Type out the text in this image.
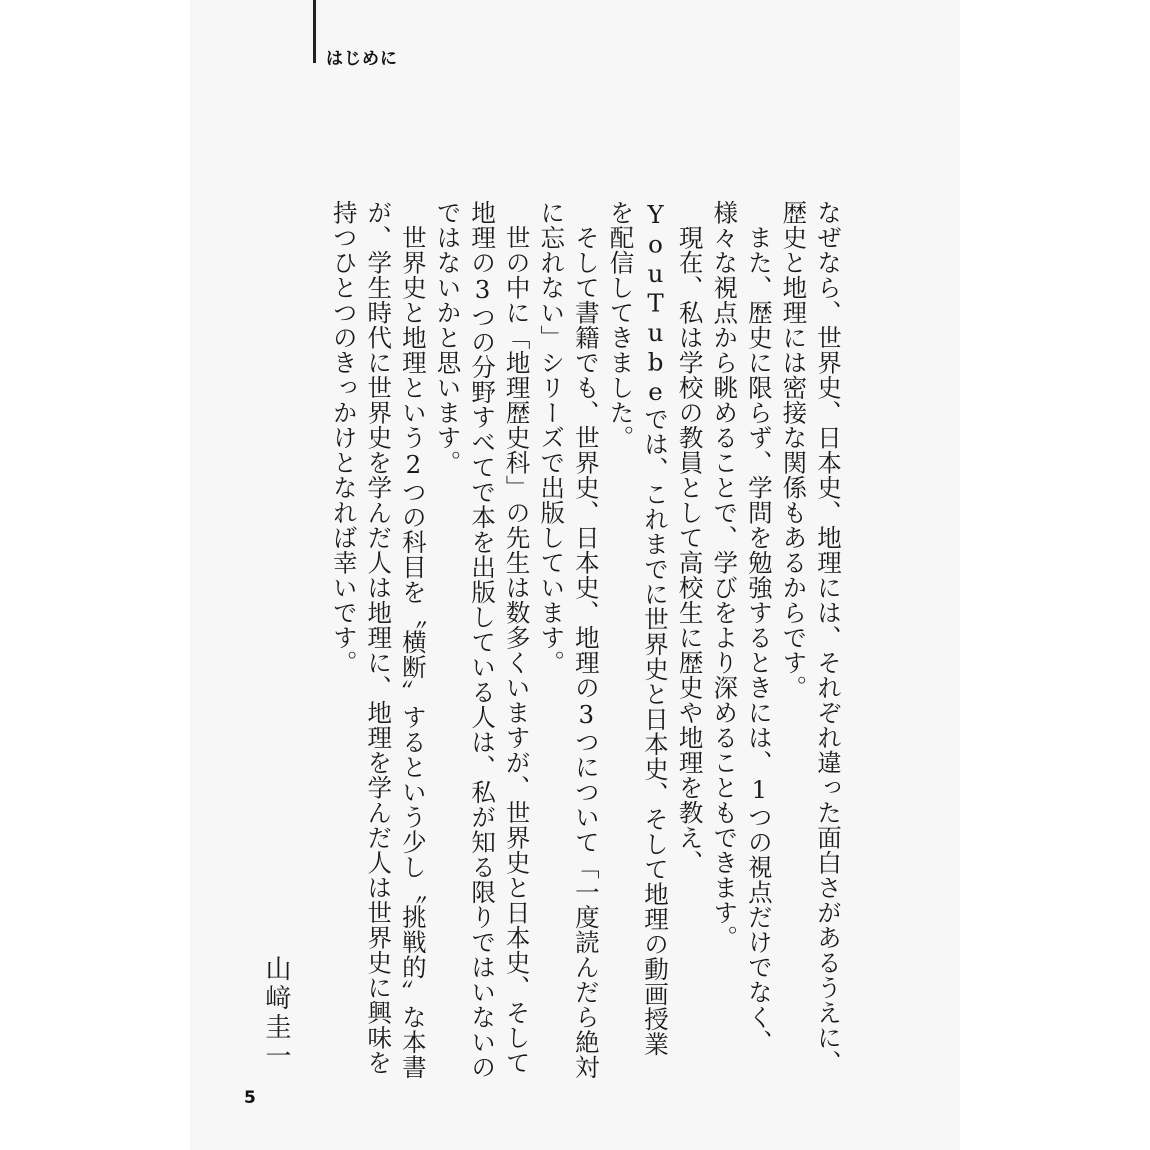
はじめに

なぜなら、世界史、日本史、地理には、それぞれ違った面白さがあるうえに、歴史と地理には密接な関係もあるからです。

また、歴史に限らず、学問を勉強するときには、1つの視点だけでなく、様々な視点から眺めることで、学びをより深めることもできます。

現在、私は学校の教員として高校生に歴史や地理を教え、YouTubeでは、これまでに世界史と日本史、そして地理の動画授業を配信してきました。

そして書籍でも、世界史、日本史、地理の3つについて「一度読んだら絶対に忘れない」シリーズで出版しています。

世の中に「地理歴史科」の先生は数多くいますが、世界史と日本史、そして地理の3つの分野すべてで本を出版している人は、私が知る限りではいないのではないかと思います。

世界史と地理という2つの科目を〝横断〟するという少し〝挑戦的〟な本書が、学生時代に世界史を学んだ人は地理に、地理を学んだ人は世界史に興味を持つひとつのきっかけとなれば幸いです。

山﨑圭一
5
